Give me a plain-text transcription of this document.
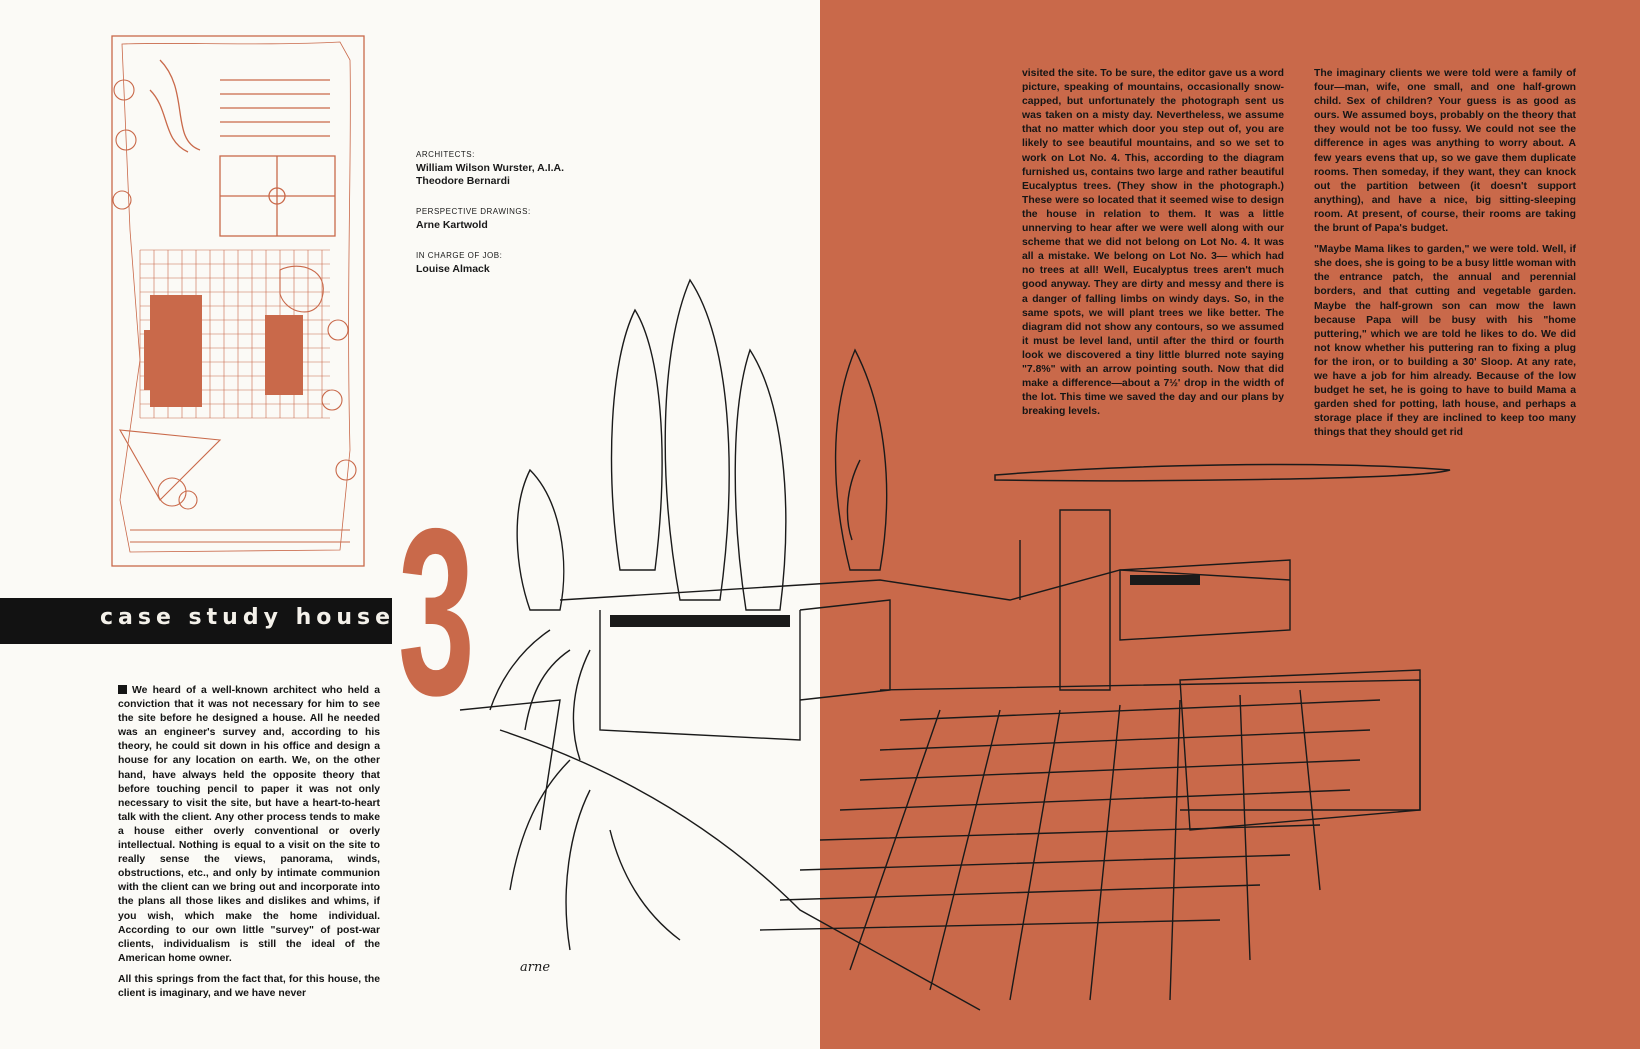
ARCHITECTS:

William Wilson Wurster, A.I.A.

Theodore Bernardi

PERSPECTIVE DRAWINGS:

Arne Kartwold

IN CHARGE OF JOB:

Louise Almack

case study house 3

We heard of a well-known architect who held a conviction that it was not necessary for him to see the site before he designed a house. All he needed was an engineer's survey and, according to his theory, he could sit down in his office and design a house for any location on earth. We, on the other hand, have always held the opposite theory that before touching pencil to paper it was not only necessary to visit the site, but have a heart-to-heart talk with the client. Any other process tends to make a house either overly conventional or overly intellectual. Nothing is equal to a visit on the site to really sense the views, panorama, winds, obstructions, etc., and only by intimate communion with the client can we bring out and incorporate into the plans all those likes and dislikes and whims, if you wish, which make the home individual. According to our own little "survey" of post-war clients, individualism is still the ideal of the American home owner.

All this springs from the fact that, for this house, the client is imaginary, and we have never

visited the site. To be sure, the editor gave us a word picture, speaking of mountains, occasionally snow-capped, but unfortunately the photograph sent us was taken on a misty day. Nevertheless, we assume that no matter which door you step out of, you are likely to see beautiful mountains, and so we set to work on Lot No. 4. This, according to the diagram furnished us, contains two large and rather beautiful Eucalyptus trees. (They show in the photograph.) These were so located that it seemed wise to design the house in relation to them. It was a little unnerving to hear after we were well along with our scheme that we did not belong on Lot No. 4. It was all a mistake. We belong on Lot No. 3— which had no trees at all! Well, Eucalyptus trees aren't much good anyway. They are dirty and messy and there is a danger of falling limbs on windy days. So, in the same spots, we will plant trees we like better. The diagram did not show any contours, so we assumed it must be level land, until after the third or fourth look we discovered a tiny little blurred note saying "7.8%" with an arrow pointing south. Now that did make a difference—about a 7½' drop in the width of the lot. This time we saved the day and our plans by breaking levels.

The imaginary clients we were told were a family of four—man, wife, one small, and one half-grown child. Sex of children? Your guess is as good as ours. We assumed boys, probably on the theory that they would not be too fussy. We could not see the difference in ages was anything to worry about. A few years evens that up, so we gave them duplicate rooms. Then someday, if they want, they can knock out the partition between (it doesn't support anything), and have a nice, big sitting-sleeping room. At present, of course, their rooms are taking the brunt of Papa's budget.

"Maybe Mama likes to garden," we were told. Well, if she does, she is going to be a busy little woman with the entrance patch, the annual and perennial borders, and that cutting and vegetable garden. Maybe the half-grown son can mow the lawn because Papa will be busy with his "home puttering," which we are told he likes to do. We did not know whether his puttering ran to fixing a plug for the iron, or to building a 30' Sloop. At any rate, we have a job for him already. Because of the low budget he set, he is going to have to build Mama a garden shed for potting, lath house, and perhaps a storage place if they are inclined to keep too many things that they should get rid

arne
